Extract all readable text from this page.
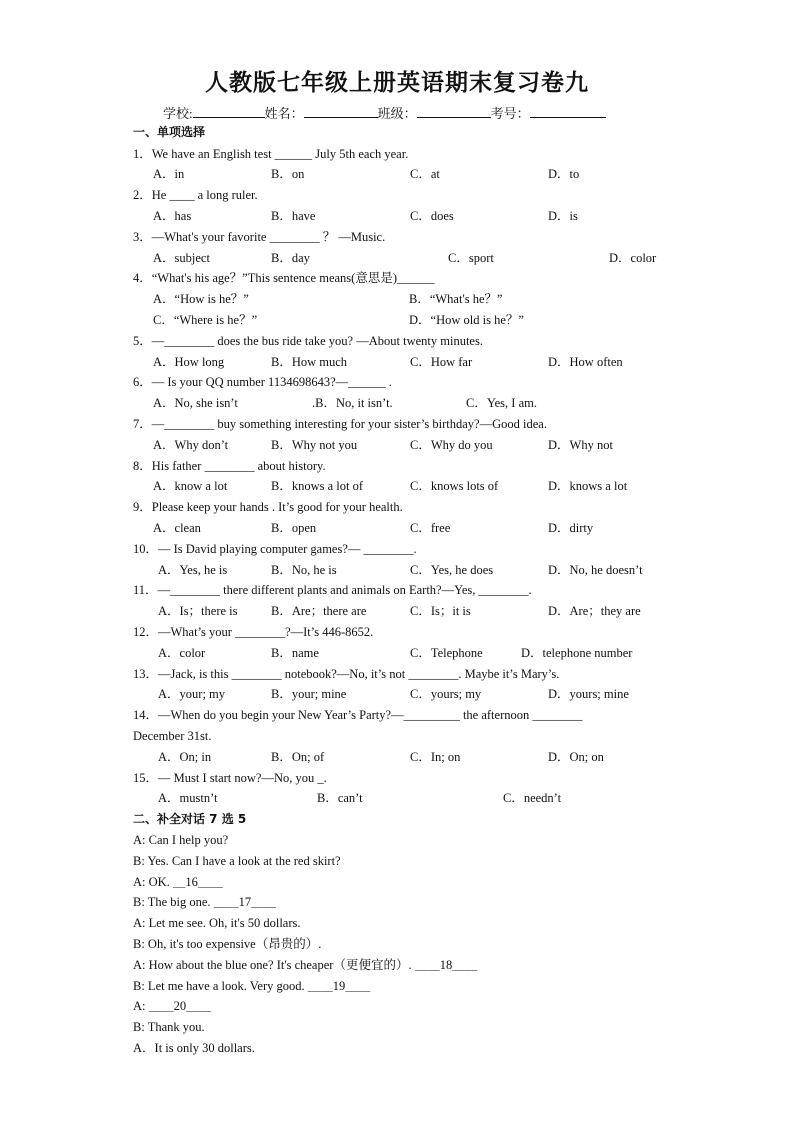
人教版七年级上册英语期末复习卷九
学校:	姓名：	班级：	考号：
一、单项选择
1．We have an English test ______ July 5th each year.
A．in	B．on	C．at	D．to
2．He ____ a long ruler.
A．has	B．have	C．does	D．is
3．—What's your favorite ________ ？ —Music.
A．subject	B．day	C．sport	D．color
4．“What's his age？”This sentence means(意思是)______
A．“How is he？”	B．“What's he？”
C．“Where is he？”	D．“How old is he？”
5．—________ does the bus ride take you? —About twenty minutes.
A．How long	B．How much	C．How far	D．How often
6．— Is your QQ number 1134698643?—______ .
A．No, she isn’t	.B．No, it isn’t.	C．Yes, I am.
7．—________ buy something interesting for your sister’s birthday?—Good idea.
A．Why don’t	B．Why not you	C．Why do you	D．Why not
8．His father ________ about history.
A．know a lot	B．knows a lot of	C．knows lots of	D．knows a lot
9．Please keep your hands . It’s good for your health.
A．clean	B．open	C．free	D．dirty
10．— Is David playing computer games?— ________.
A．Yes, he is	B．No, he is	C．Yes, he does	D．No, he doesn’t
11．—________ there different plants and animals on Earth?—Yes, ________.
A．Is；there is	B．Are；there are	C．Is；it is	D．Are；they are
12．—What’s your ________?—It’s 446-8652.
A．color	B．name	C．Telephone	D．telephone number
13．—Jack, is this ________ notebook?—No, it’s not ________. Maybe it’s Mary’s.
A．your; my	B．your; mine	C．yours; my	D．yours; mine
14．—When do you begin your New Year’s Party?—_________ the afternoon ________
December 31st.
A．On; in	B．On; of	C．In; on	D．On; on
15．— Must I start now?—No, you _.
A．mustn’t	B．can’t	C．needn’t
二、补全对话 7 选 5
A: Can I help you?
B: Yes. Can I have a look at the red skirt?
A: OK. ＿16＿＿
B: The big one. ＿＿17＿＿
A: Let me see. Oh, it's 50 dollars.
B: Oh, it's too expensive（昂贵的）.
A: How about the blue one? It's cheaper（更便宜的）. ＿＿18＿＿
B: Let me have a look. Very good. ＿＿19＿＿
A: ＿＿20＿＿
B: Thank you.
A．It is only 30 dollars.
